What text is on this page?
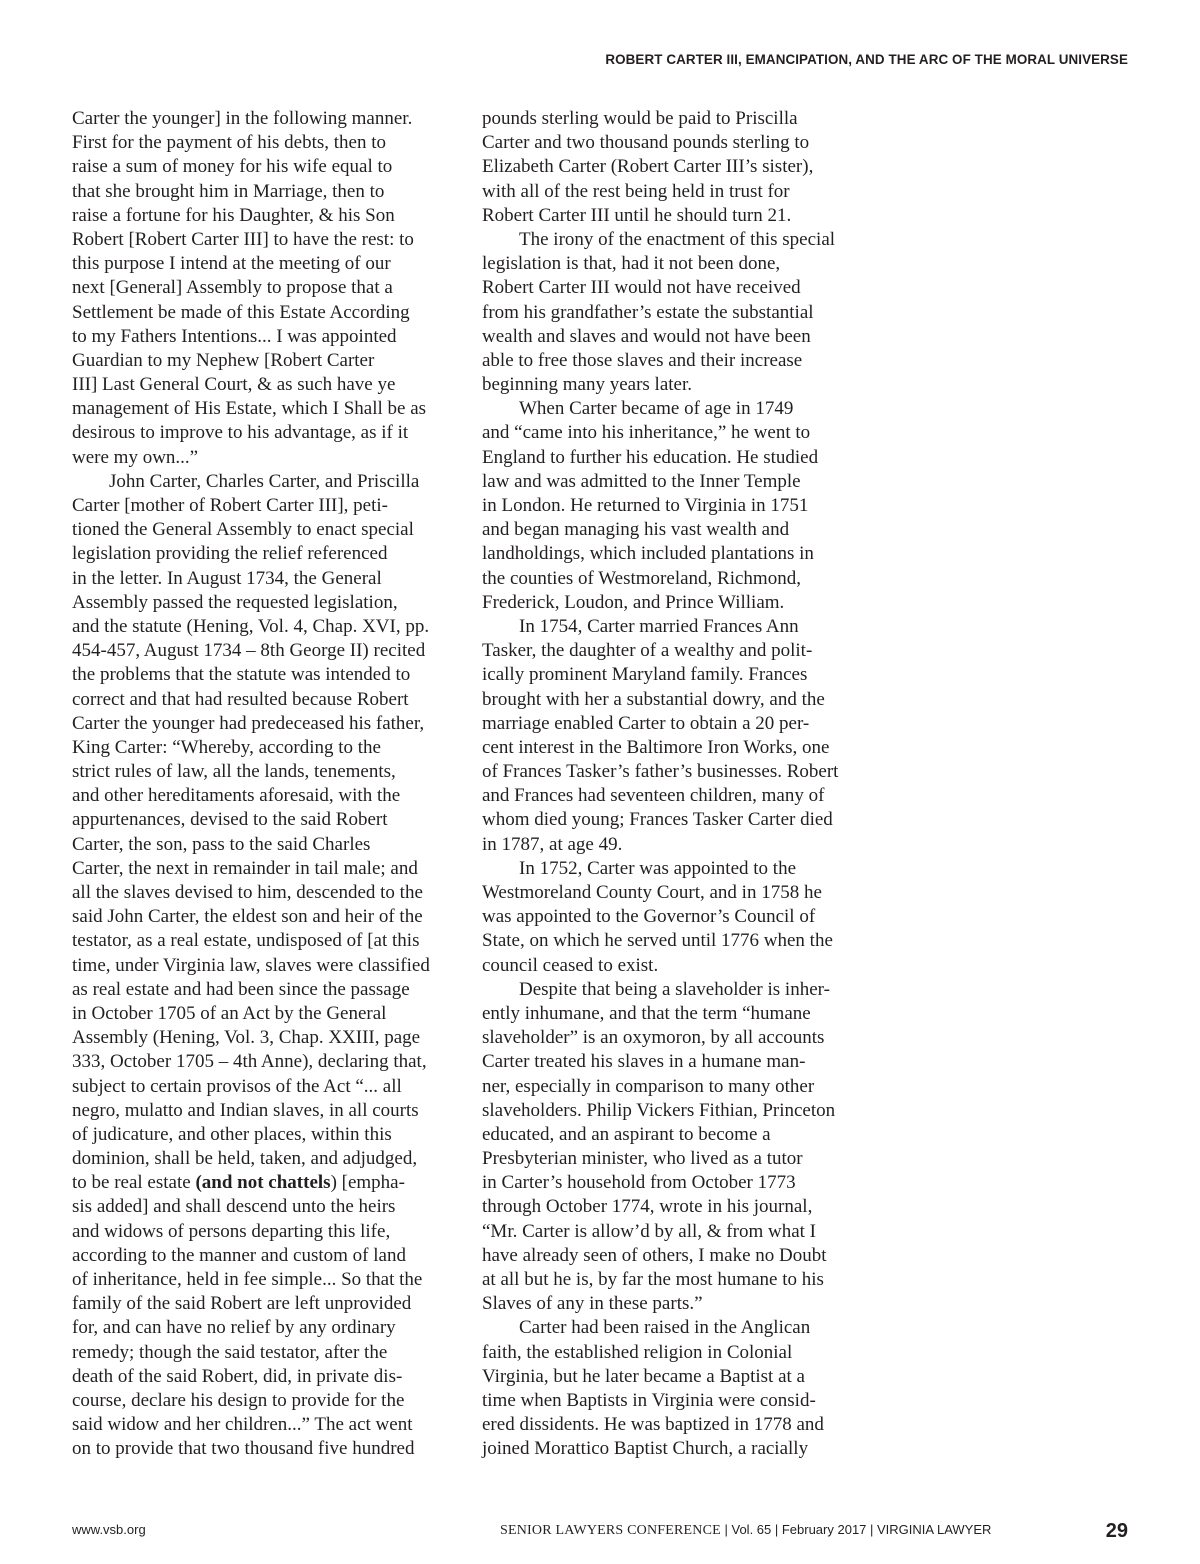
ROBERT CARTER III, EMANCIPATION, AND THE ARC OF THE MORAL UNIVERSE
Carter the younger] in the following manner.
First for the payment of his debts, then to
raise a sum of money for his wife equal to
that she brought him in Marriage, then to
raise a fortune for his Daughter, & his Son
Robert [Robert Carter III] to have the rest: to
this purpose I intend at the meeting of our
next [General] Assembly to propose that a
Settlement be made of this Estate According
to my Fathers Intentions... I was appointed
Guardian to my Nephew [Robert Carter
III] Last General Court, & as such have ye
management of His Estate, which I Shall be as
desirous to improve to his advantage, as if it
were my own...”
John Carter, Charles Carter, and Priscilla
Carter [mother of Robert Carter III], peti-
tioned the General Assembly to enact special
legislation providing the relief referenced
in the letter. In August 1734, the General
Assembly passed the requested legislation,
and the statute (Hening, Vol. 4, Chap. XVI, pp.
454-457, August 1734 – 8th George II) recited
the problems that the statute was intended to
correct and that had resulted because Robert
Carter the younger had predeceased his father,
King Carter: “Whereby, according to the
strict rules of law, all the lands, tenements,
and other hereditaments aforesaid, with the
appurtenances, devised to the said Robert
Carter, the son, pass to the said Charles
Carter, the next in remainder in tail male; and
all the slaves devised to him, descended to the
said John Carter, the eldest son and heir of the
testator, as a real estate, undisposed of [at this
time, under Virginia law, slaves were classified
as real estate and had been since the passage
in October 1705 of an Act by the General
Assembly (Hening, Vol. 3, Chap. XXIII, page
333, October 1705 – 4th Anne), declaring that,
subject to certain provisos of the Act “... all
negro, mulatto and Indian slaves, in all courts
of judicature, and other places, within this
dominion, shall be held, taken, and adjudged,
to be real estate (and not chattels) [empha-
sis added] and shall descend unto the heirs
and widows of persons departing this life,
according to the manner and custom of land
of inheritance, held in fee simple... So that the
family of the said Robert are left unprovided
for, and can have no relief by any ordinary
remedy; though the said testator, after the
death of the said Robert, did, in private dis-
course, declare his design to provide for the
said widow and her children...” The act went
on to provide that two thousand five hundred
pounds sterling would be paid to Priscilla
Carter and two thousand pounds sterling to
Elizabeth Carter (Robert Carter III’s sister),
with all of the rest being held in trust for
Robert Carter III until he should turn 21.
The irony of the enactment of this special
legislation is that, had it not been done,
Robert Carter III would not have received
from his grandfather’s estate the substantial
wealth and slaves and would not have been
able to free those slaves and their increase
beginning many years later.
When Carter became of age in 1749
and “came into his inheritance,” he went to
England to further his education. He studied
law and was admitted to the Inner Temple
in London. He returned to Virginia in 1751
and began managing his vast wealth and
landholdings, which included plantations in
the counties of Westmoreland, Richmond,
Frederick, Loudon, and Prince William.
In 1754, Carter married Frances Ann
Tasker, the daughter of a wealthy and polit-
ically prominent Maryland family. Frances
brought with her a substantial dowry, and the
marriage enabled Carter to obtain a 20 per-
cent interest in the Baltimore Iron Works, one
of Frances Tasker’s father’s businesses. Robert
and Frances had seventeen children, many of
whom died young; Frances Tasker Carter died
in 1787, at age 49.
In 1752, Carter was appointed to the
Westmoreland County Court, and in 1758 he
was appointed to the Governor’s Council of
State, on which he served until 1776 when the
council ceased to exist.
Despite that being a slaveholder is inher-
ently inhumane, and that the term “humane
slaveholder” is an oxymoron, by all accounts
Carter treated his slaves in a humane man-
ner, especially in comparison to many other
slaveholders. Philip Vickers Fithian, Princeton
educated, and an aspirant to become a
Presbyterian minister, who lived as a tutor
in Carter’s household from October 1773
through October 1774, wrote in his journal,
“Mr. Carter is allow’d by all, & from what I
have already seen of others, I make no Doubt
at all but he is, by far the most humane to his
Slaves of any in these parts.”
Carter had been raised in the Anglican
faith, the established religion in Colonial
Virginia, but he later became a Baptist at a
time when Baptists in Virginia were consid-
ered dissidents. He was baptized in 1778 and
joined Morattico Baptist Church, a racially
www.vsb.org	SENIOR LAWYERS CONFERENCE | Vol. 65 | February 2017 | VIRGINIA LAWYER	29
